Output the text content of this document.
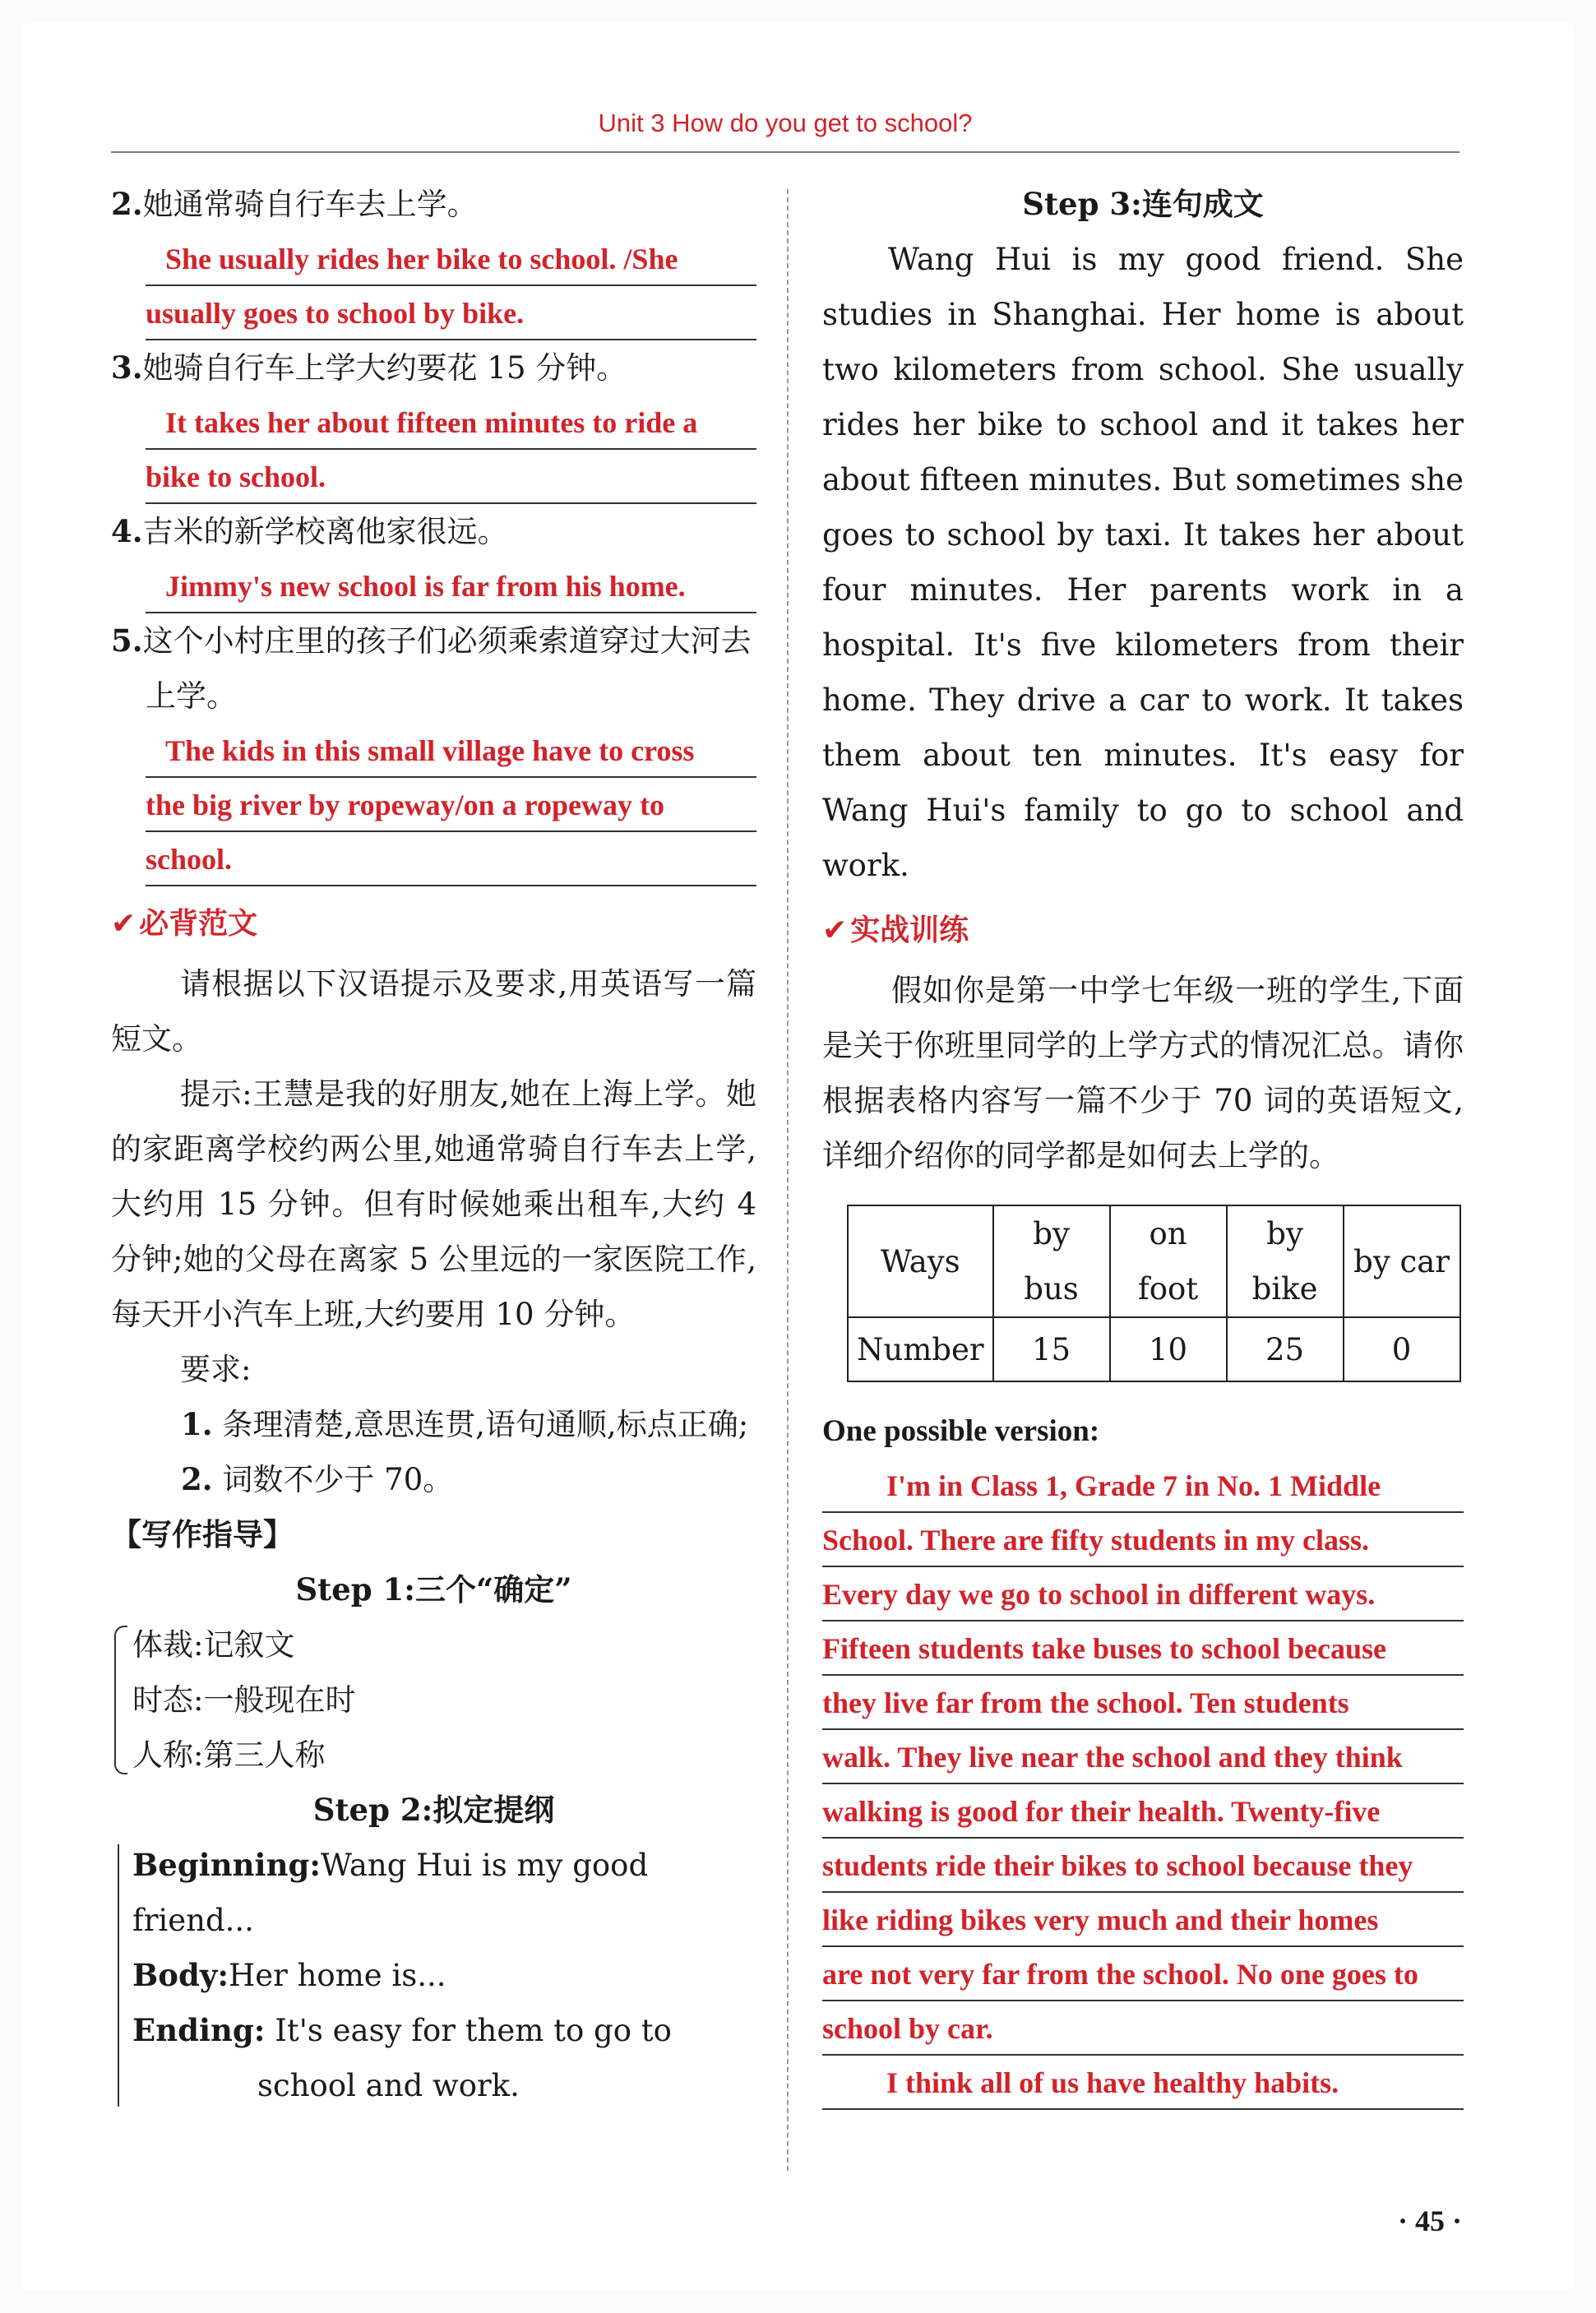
Unit 3 How do you get to school?

2.她通常骑自行车去上学。

She usually rides her bike to school. /She
usually goes to school by bike.

3.她骑自行车上学大约要花 15 分钟。

It takes her about fifteen minutes to ride a
bike to school.

4.吉米的新学校离他家很远。

Jimmy's new school is far from his home.

5.这个小村庄里的孩子们必须乘索道穿过大河去上学。

The kids in this small village have to cross
the big river by ropeway/on a ropeway to
school.
✔ 必背范文

请根据以下汉语提示及要求,用英语写一篇短文。

提示:王慧是我的好朋友,她在上海上学。她的家距离学校约两公里,她通常骑自行车去上学,大约用 15 分钟。但有时候她乘出租车,大约 4 分钟;她的父母在离家 5 公里远的一家医院工作,每天开小汽车上班,大约要用 10 分钟。

要求:

1. 条理清楚,意思连贯,语句通顺,标点正确;

2. 词数不少于 70。

【写作指导】

Step 1:三个“确定”

体裁:记叙文
时态:一般现在时
人称:第三人称

Step 2:拟定提纲

Beginning:Wang Hui is my good friend...

Body:Her home is...

Ending: It's easy for them to go to school and work.

Step 3:连句成文

Wang Hui is my good friend. She studies in Shanghai. Her home is about two kilometers from school. She usually rides her bike to school and it takes her about fifteen minutes. But sometimes she goes to school by taxi. It takes her about four minutes. Her parents work in a hospital. It's five kilometers from their home. They drive a car to work. It takes them about ten minutes. It's easy for Wang Hui's family to go to school and work.

✔ 实战训练

假如你是第一中学七年级一班的学生,下面是关于你班里同学的上学方式的情况汇总。请你根据表格内容写一篇不少于 70 词的英语短文,详细介绍你的同学都是如何去上学的。

Ways	by bus	on foot	by bike	by car
Number	15	10	25	0

One possible version:

I'm in Class 1, Grade 7 in No. 1 Middle
School. There are fifty students in my class.
Every day we go to school in different ways.
Fifteen students take buses to school because
they live far from the school. Ten students
walk. They live near the school and they think
walking is good for their health. Twenty-five
students ride their bikes to school because they
like riding bikes very much and their homes
are not very far from the school. No one goes to
school by car.
I think all of us have healthy habits.
· 45 ·
